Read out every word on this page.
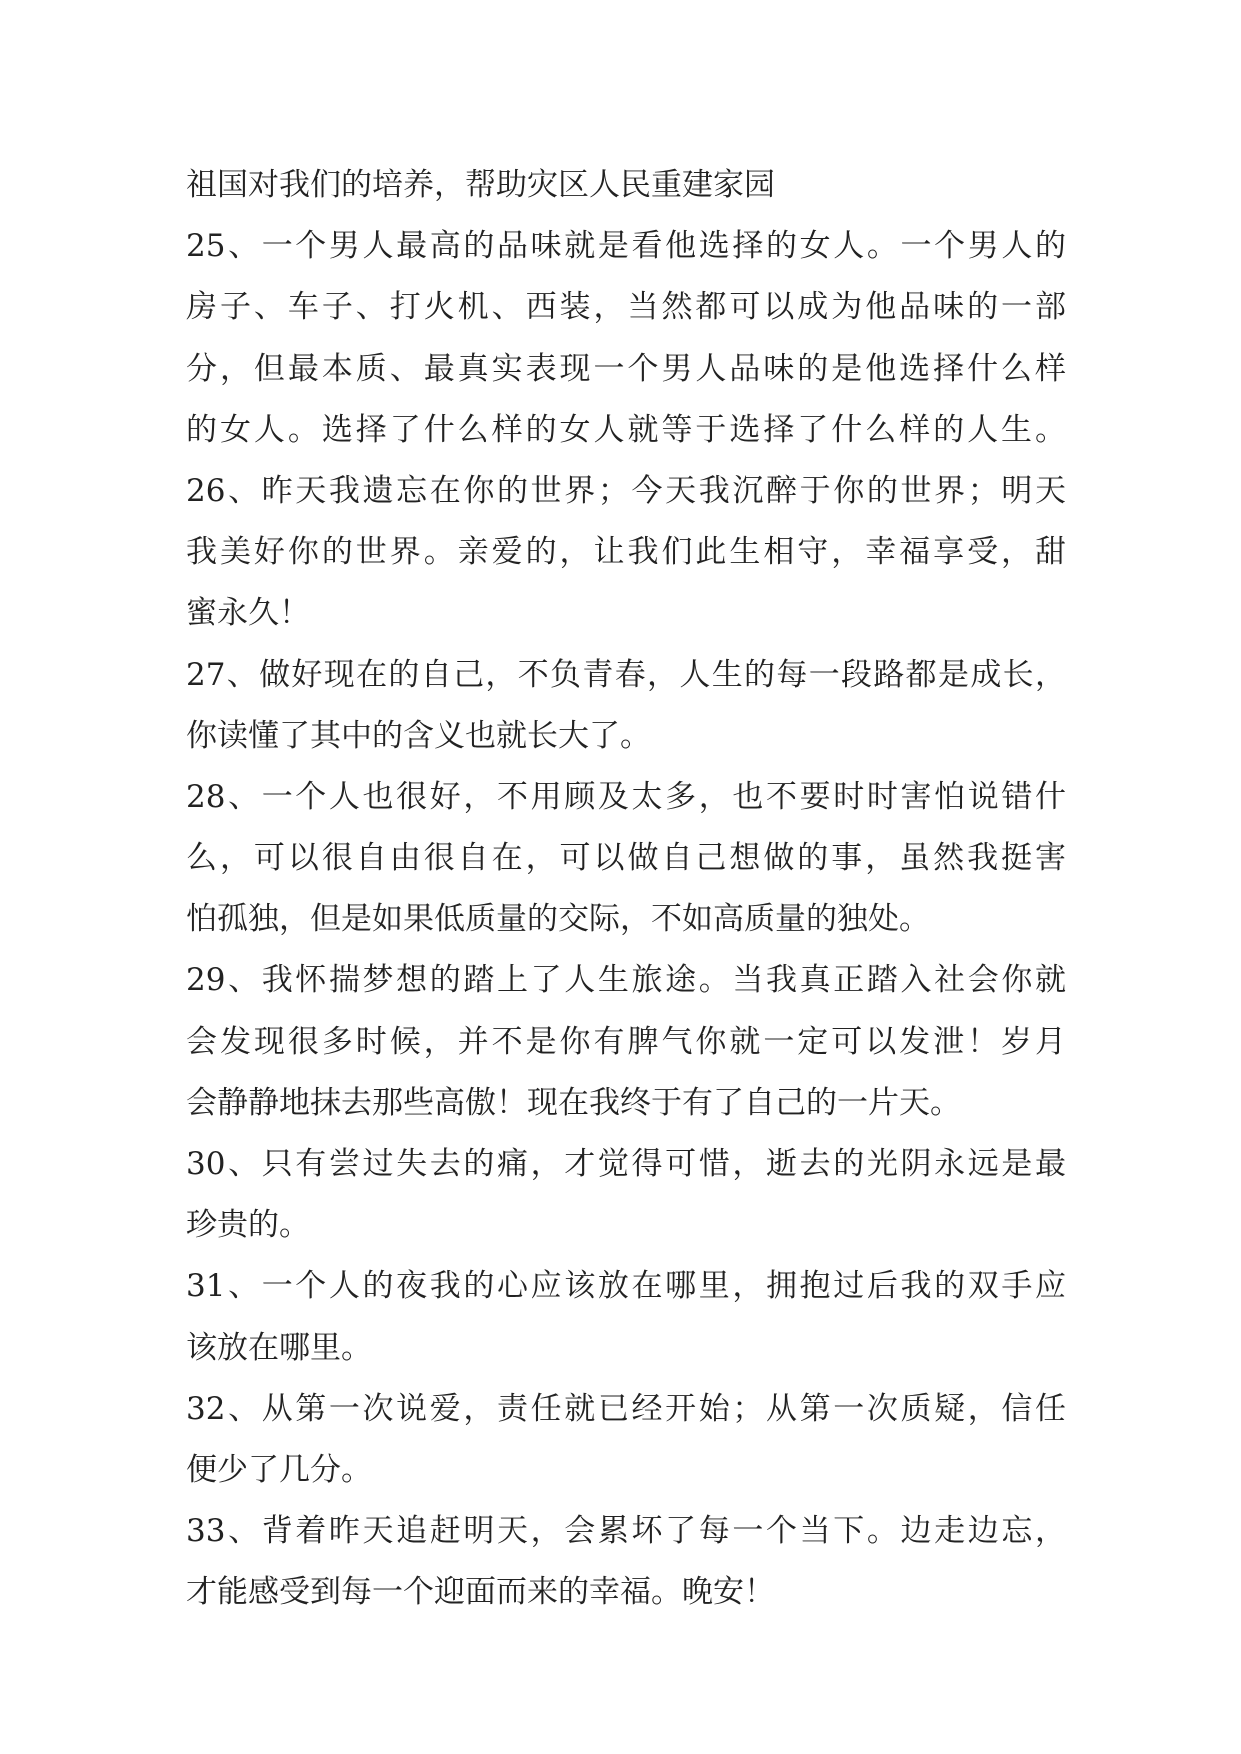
祖国对我们的培养，帮助灾区人民重建家园
25、一个男人最高的品味就是看他选择的女人。一个男人的
房子、车子、打火机、西装，当然都可以成为他品味的一部
分，但最本质、最真实表现一个男人品味的是他选择什么样
的女人。选择了什么样的女人就等于选择了什么样的人生。
26、昨天我遗忘在你的世界；今天我沉醉于你的世界；明天
我美好你的世界。亲爱的，让我们此生相守，幸福享受，甜
蜜永久！
27、做好现在的自己，不负青春，人生的每一段路都是成长，
你读懂了其中的含义也就长大了。
28、一个人也很好，不用顾及太多，也不要时时害怕说错什
么，可以很自由很自在，可以做自己想做的事，虽然我挺害
怕孤独，但是如果低质量的交际，不如高质量的独处。
29、我怀揣梦想的踏上了人生旅途。当我真正踏入社会你就
会发现很多时候，并不是你有脾气你就一定可以发泄！岁月
会静静地抹去那些高傲！现在我终于有了自己的一片天。
30、只有尝过失去的痛，才觉得可惜，逝去的光阴永远是最
珍贵的。
31、一个人的夜我的心应该放在哪里，拥抱过后我的双手应
该放在哪里。
32、从第一次说爱，责任就已经开始；从第一次质疑，信任
便少了几分。
33、背着昨天追赶明天，会累坏了每一个当下。边走边忘，
才能感受到每一个迎面而来的幸福。晚安！
